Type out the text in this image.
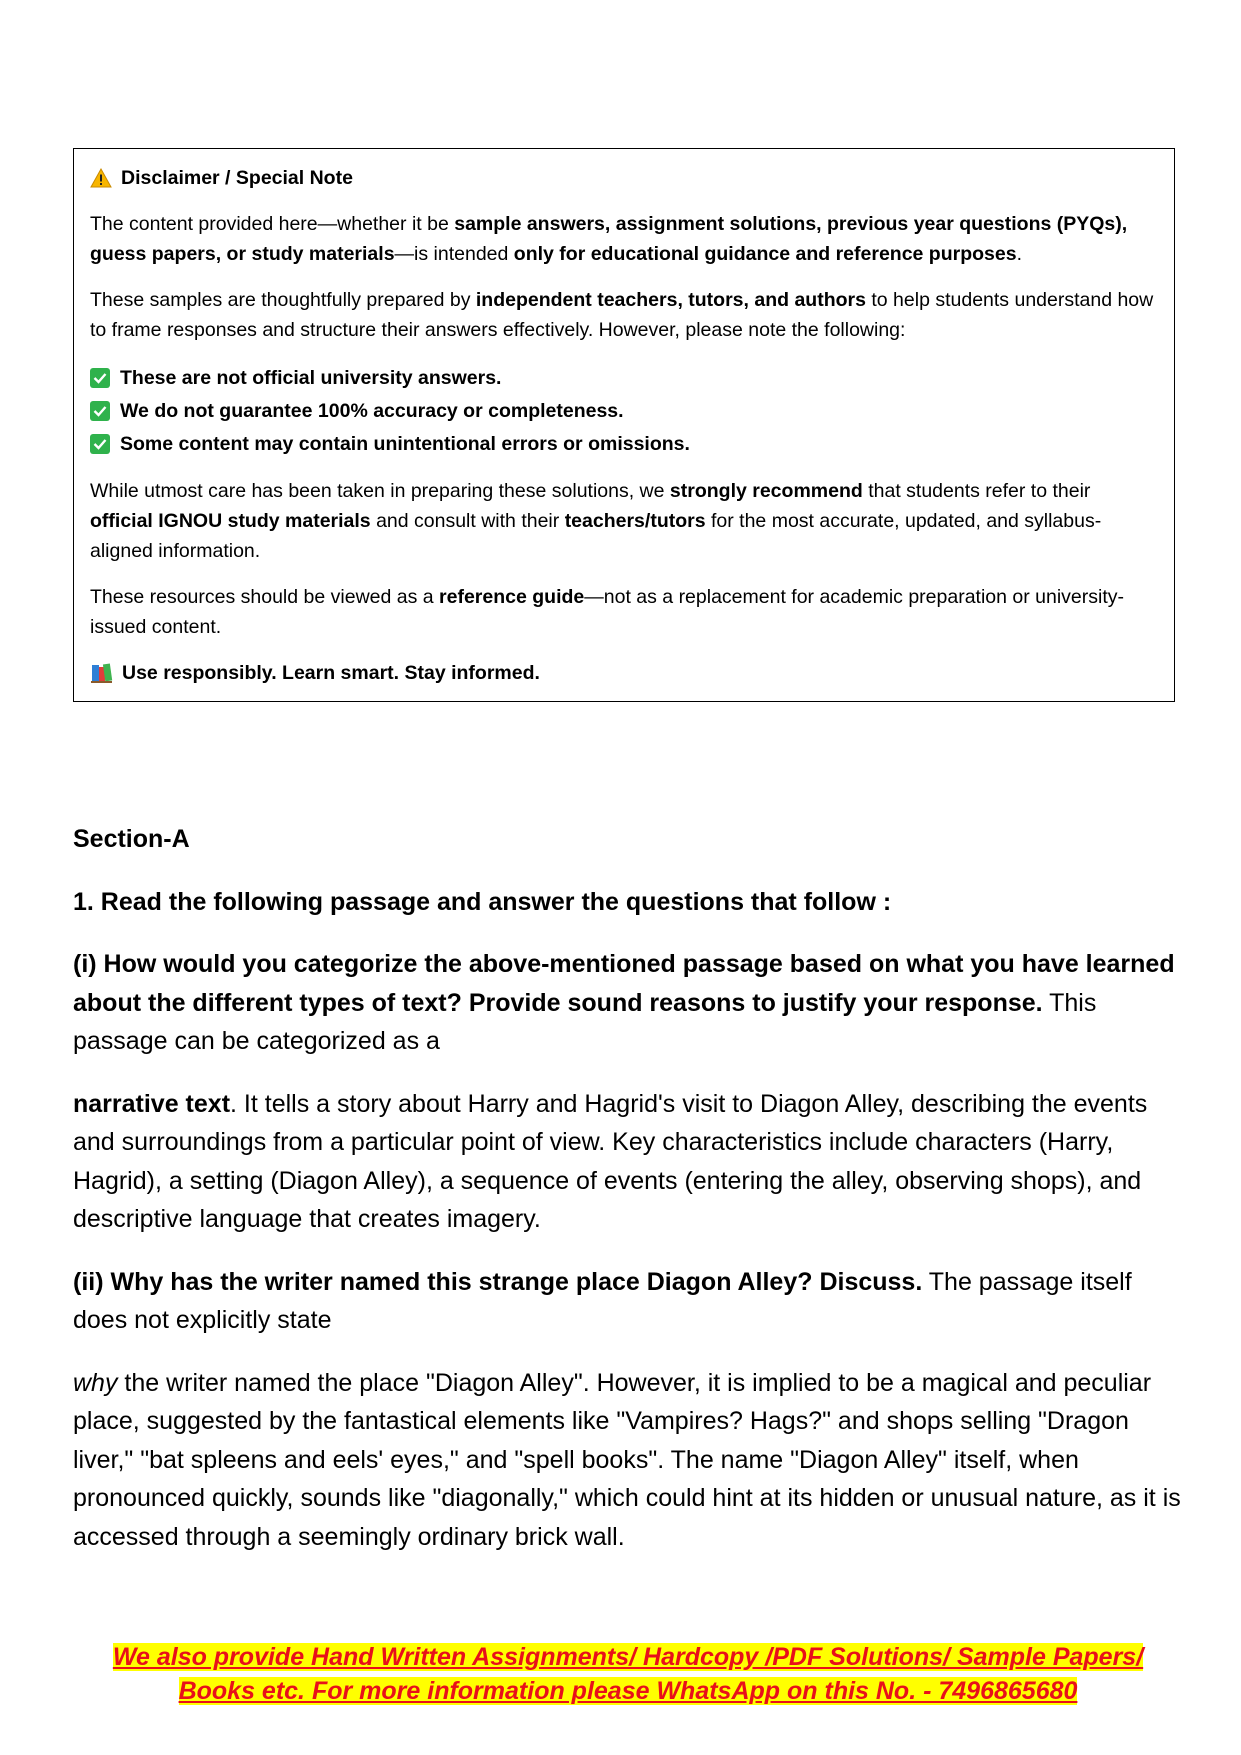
Disclaimer / Special Note

The content provided here—whether it be sample answers, assignment solutions, previous year questions (PYQs), guess papers, or study materials—is intended only for educational guidance and reference purposes.

These samples are thoughtfully prepared by independent teachers, tutors, and authors to help students understand how to frame responses and structure their answers effectively. However, please note the following:

These are not official university answers.
We do not guarantee 100% accuracy or completeness.
Some content may contain unintentional errors or omissions.

While utmost care has been taken in preparing these solutions, we strongly recommend that students refer to their official IGNOU study materials and consult with their teachers/tutors for the most accurate, updated, and syllabus-aligned information.

These resources should be viewed as a reference guide—not as a replacement for academic preparation or university-issued content.

Use responsibly. Learn smart. Stay informed.

Section-A

1. Read the following passage and answer the questions that follow :

(i) How would you categorize the above-mentioned passage based on what you have learned about the different types of text? Provide sound reasons to justify your response. This passage can be categorized as a

narrative text. It tells a story about Harry and Hagrid's visit to Diagon Alley, describing the events and surroundings from a particular point of view. Key characteristics include characters (Harry, Hagrid), a setting (Diagon Alley), a sequence of events (entering the alley, observing shops), and descriptive language that creates imagery.

(ii) Why has the writer named this strange place Diagon Alley? Discuss. The passage itself does not explicitly state

why the writer named the place "Diagon Alley". However, it is implied to be a magical and peculiar place, suggested by the fantastical elements like "Vampires? Hags?" and shops selling "Dragon liver," "bat spleens and eels' eyes," and "spell books". The name "Diagon Alley" itself, when pronounced quickly, sounds like "diagonally," which could hint at its hidden or unusual nature, as it is accessed through a seemingly ordinary brick wall.

We also provide Hand Written Assignments/ Hardcopy /PDF Solutions/ Sample Papers/
Books etc. For more information please WhatsApp on this No. - 7496865680
